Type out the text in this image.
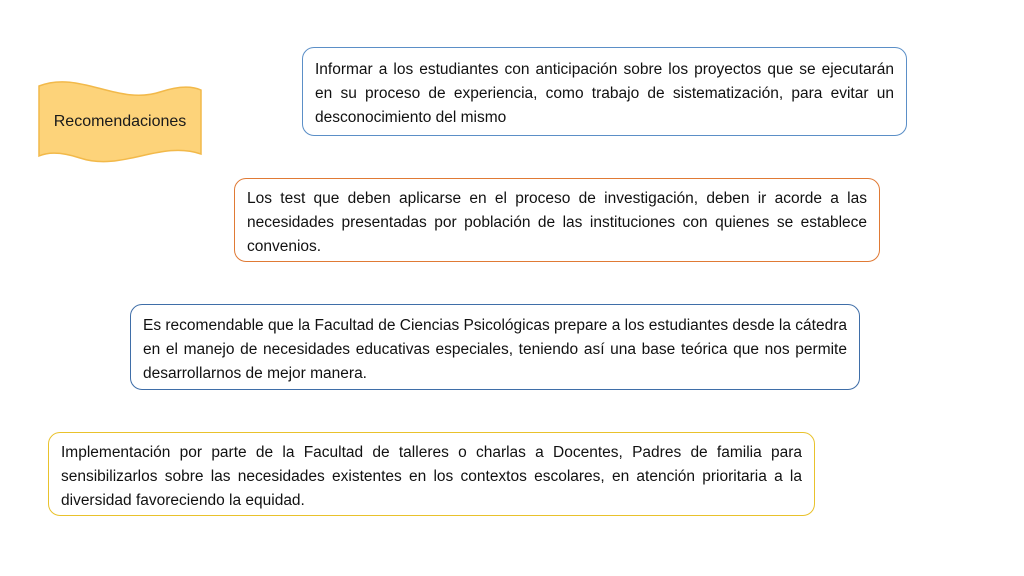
Recomendaciones
Informar a los estudiantes con anticipación sobre los proyectos que se ejecutarán en su proceso de experiencia, como trabajo de sistematización, para evitar un desconocimiento del mismo
Los test que deben aplicarse en el proceso de investigación, deben ir acorde a las necesidades presentadas por población de las instituciones con quienes se establece convenios.
Es recomendable que la Facultad de Ciencias Psicológicas prepare a los estudiantes desde la cátedra en el manejo de necesidades educativas especiales, teniendo así una base teórica que nos permite desarrollarnos de mejor manera.
Implementación por parte de la Facultad de talleres o charlas a Docentes, Padres de familia para sensibilizarlos sobre las necesidades existentes en los contextos escolares, en atención prioritaria a la diversidad favoreciendo la equidad.
